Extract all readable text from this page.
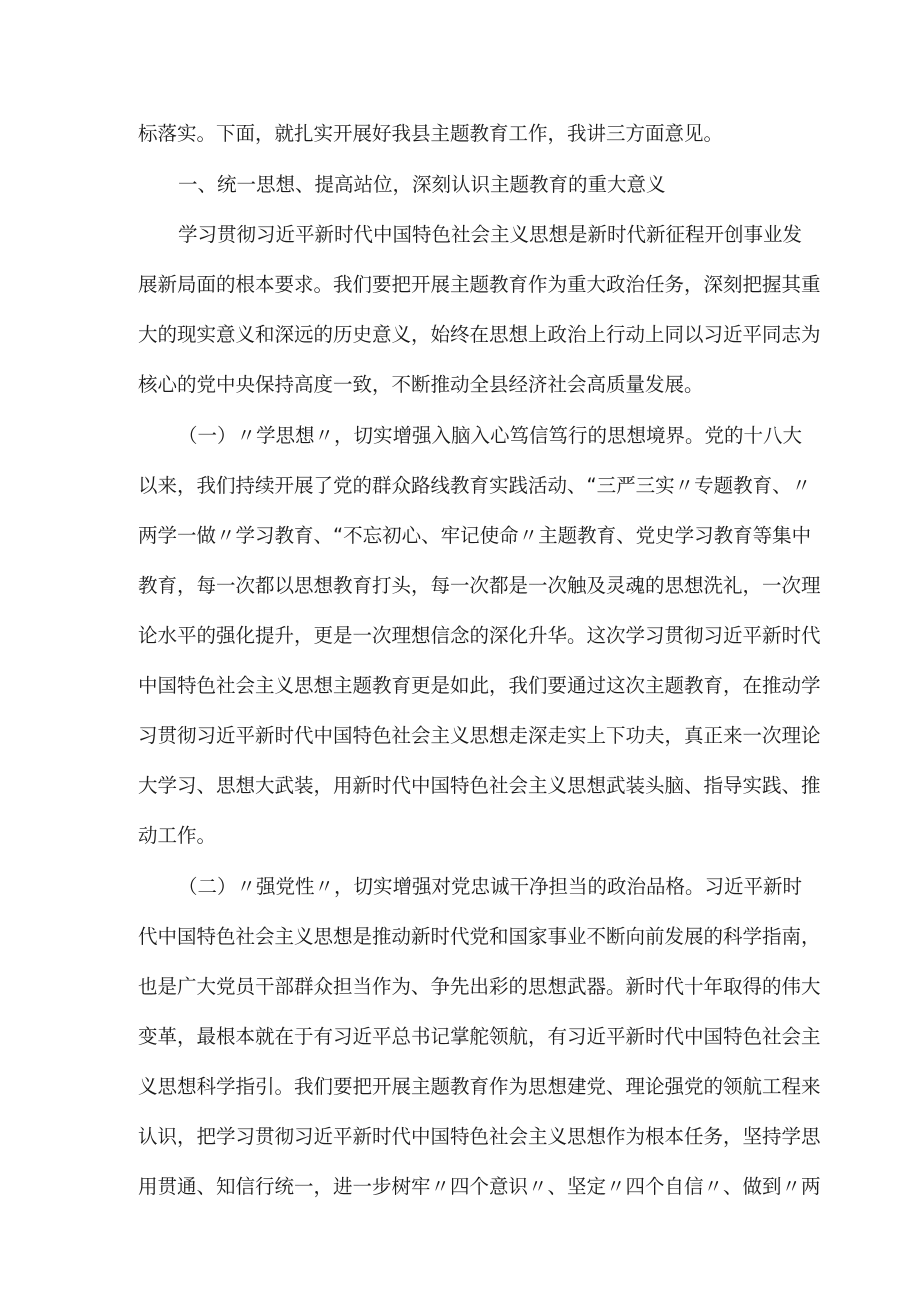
标落实。下面，就扎实开展好我县主题教育工作，我讲三方面意见。
一、统一思想、提高站位，深刻认识主题教育的重大意义
学习贯彻习近平新时代中国特色社会主义思想是新时代新征程开创事业发
展新局面的根本要求。我们要把开展主题教育作为重大政治任务，深刻把握其重
大的现实意义和深远的历史意义，始终在思想上政治上行动上同以习近平同志为
核心的党中央保持高度一致，不断推动全县经济社会高质量发展。
（一）〃学思想〃，切实增强入脑入心笃信笃行的思想境界。党的十八大
以来，我们持续开展了党的群众路线教育实践活动、“三严三实〃专题教育、〃
两学一做〃学习教育、“不忘初心、牢记使命〃主题教育、党史学习教育等集中
教育，每一次都以思想教育打头，每一次都是一次触及灵魂的思想洗礼，一次理
论水平的强化提升，更是一次理想信念的深化升华。这次学习贯彻习近平新时代
中国特色社会主义思想主题教育更是如此，我们要通过这次主题教育，在推动学
习贯彻习近平新时代中国特色社会主义思想走深走实上下功夫，真正来一次理论
大学习、思想大武装，用新时代中国特色社会主义思想武装头脑、指导实践、推
动工作。
（二）〃强党性〃，切实增强对党忠诚干净担当的政治品格。习近平新时
代中国特色社会主义思想是推动新时代党和国家事业不断向前发展的科学指南，
也是广大党员干部群众担当作为、争先出彩的思想武器。新时代十年取得的伟大
变革，最根本就在于有习近平总书记掌舵领航，有习近平新时代中国特色社会主
义思想科学指引。我们要把开展主题教育作为思想建党、理论强党的领航工程来
认识，把学习贯彻习近平新时代中国特色社会主义思想作为根本任务，坚持学思
用贯通、知信行统一，进一步树牢〃四个意识〃、坚定〃四个自信〃、做到〃两
